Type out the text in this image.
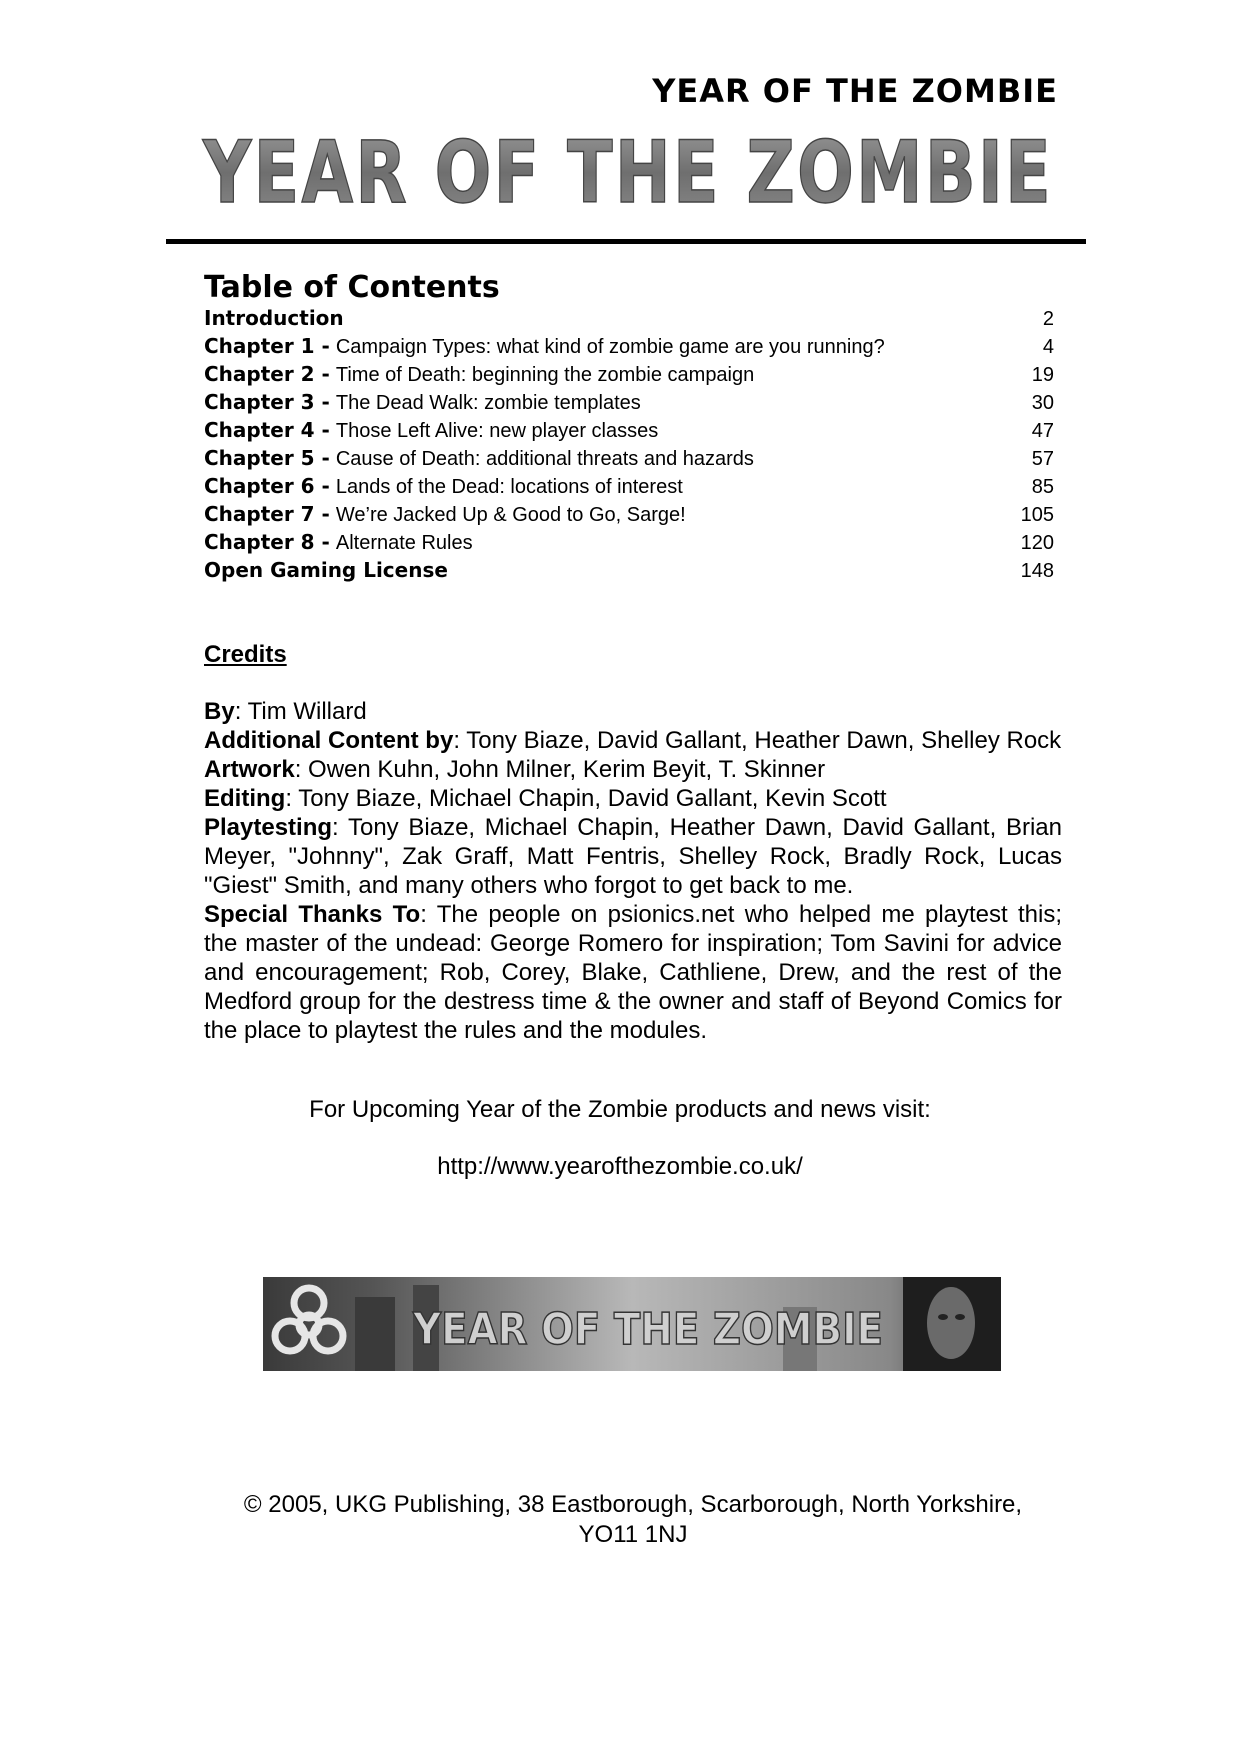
YEAR OF THE ZOMBIE
YEAR OF THE ZOMBIE
Table of Contents
Introduction	2
Chapter 1 - Campaign Types: what kind of zombie game are you running?	4
Chapter 2 - Time of Death: beginning the zombie campaign	19
Chapter 3 - The Dead Walk: zombie templates	30
Chapter 4 - Those Left Alive: new player classes	47
Chapter 5 - Cause of Death: additional threats and hazards	57
Chapter 6 - Lands of the Dead: locations of interest	85
Chapter 7 - We’re Jacked Up & Good to Go, Sarge!	105
Chapter 8 - Alternate Rules	120
Open Gaming License	148
Credits

By: Tim Willard

Additional Content by: Tony Biaze, David Gallant, Heather Dawn, Shelley Rock

Artwork: Owen Kuhn, John Milner, Kerim Beyit, T. Skinner

Editing: Tony Biaze, Michael Chapin, David Gallant, Kevin Scott

Playtesting: Tony Biaze, Michael Chapin, Heather Dawn, David Gallant, Brian Meyer, "Johnny", Zak Graff, Matt Fentris, Shelley Rock, Bradly Rock, Lucas "Giest" Smith, and many others who forgot to get back to me.

Special Thanks To: The people on psionics.net who helped me playtest this; the master of the undead: George Romero for inspiration; Tom Savini for advice and encouragement; Rob, Corey, Blake, Cathliene, Drew, and the rest of the Medford group for the destress time & the owner and staff of Beyond Comics for the place to playtest the rules and the modules.

For Upcoming Year of the Zombie products and news visit:
http://www.yearofthezombie.co.uk/
YEAR OF THE ZOMBIE
© 2005, UKG Publishing, 38 Eastborough, Scarborough, North Yorkshire,
YO11 1NJ
